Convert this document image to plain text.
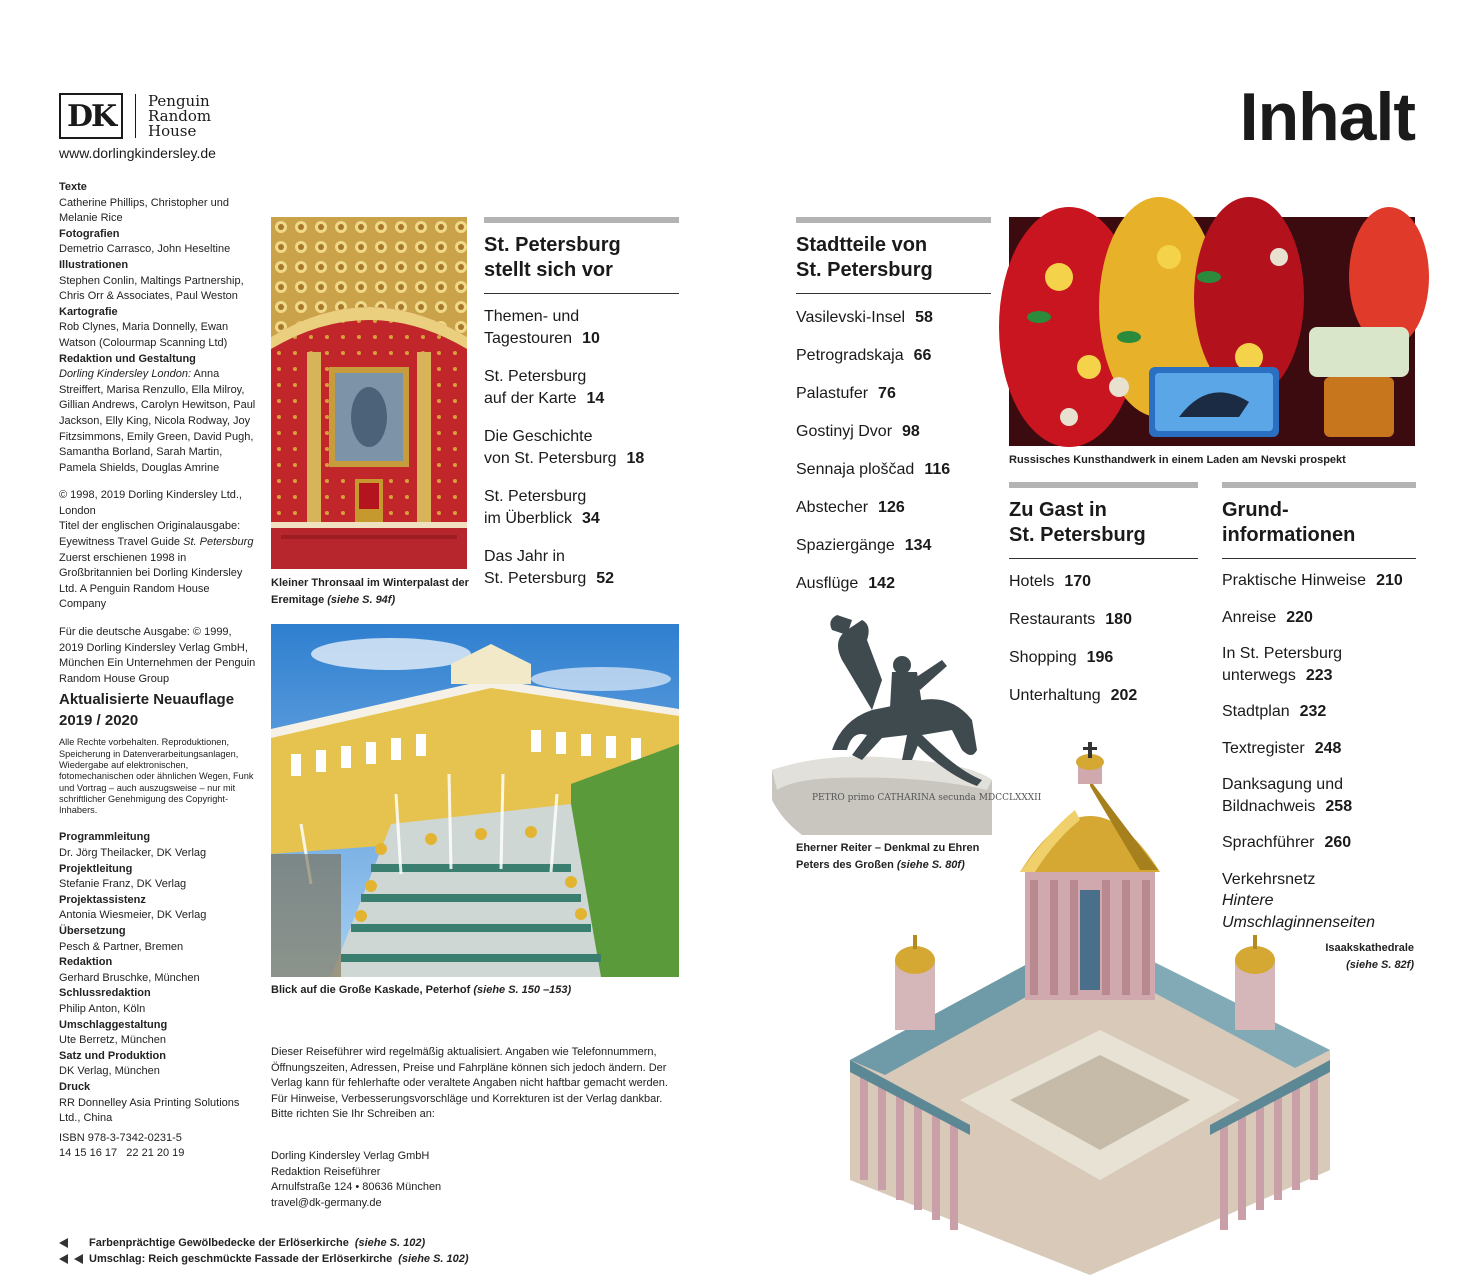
DK	Penguin
Random
House
www.dorlingkindersley.de
Texte
Catherine Phillips, Christopher und Melanie Rice
Fotografien
Demetrio Carrasco, John Heseltine
Illustrationen
Stephen Conlin, Maltings Partnership, Chris Orr & Associates, Paul Weston
Kartografie
Rob Clynes, Maria Donnelly, Ewan Watson (Colourmap Scanning Ltd)
Redaktion und Gestaltung
Dorling Kindersley London: Anna Streiffert, Marisa Renzullo, Ella Milroy, Gillian Andrews, Carolyn Hewitson, Paul Jackson, Elly King, Nicola Rodway, Joy Fitzsimmons, Emily Green, David Pugh, Samantha Borland, Sarah Martin, Pamela Shields, Douglas Amrine
© 1998, 2019 Dorling Kindersley Ltd., London
Titel der englischen Originalausgabe: Eyewitness Travel Guide St. Petersburg Zuerst erschienen 1998 in Großbritannien bei Dorling Kindersley Ltd. A Penguin Random House Company
Für die deutsche Ausgabe: © 1999, 2019 Dorling Kindersley Verlag GmbH, München Ein Unternehmen der Penguin Random House Group
Aktualisierte Neuauflage 2019 / 2020
Alle Rechte vorbehalten. Reproduktionen, Speicherung in Datenverarbeitungsanlagen, Wiedergabe auf elektronischen, fotomechanischen oder ähnlichen Wegen, Funk und Vortrag – auch auszugsweise – nur mit schriftlicher Genehmigung des Copyright-Inhabers.
Programmleitung
Dr. Jörg Theilacker, DK Verlag
Projektleitung
Stefanie Franz, DK Verlag
Projektassistenz
Antonia Wiesmeier, DK Verlag
Übersetzung
Pesch & Partner, Bremen
Redaktion
Gerhard Bruschke, München
Schlussredaktion
Philip Anton, Köln
Umschlaggestaltung
Ute Berretz, München
Satz und Produktion
DK Verlag, München
Druck
RR Donnelley Asia Printing Solutions Ltd., China
ISBN 978-3-7342-0231-5
14 15 16 17   22 21 20 19
Farbenprächtige Gewölbedecke der Erlöserkirche (siehe S. 102)
Umschlag: Reich geschmückte Fassade der Erlöserkirche (siehe S. 102)
Inhalt
Kleiner Thronsaal im Winterpalast der Eremitage (siehe S. 94f)
Blick auf die Große Kaskade, Peterhof (siehe S. 150 –153)
St. Petersburg
stellt sich vor
Themen- und
Tagestouren 10
St. Petersburg
auf der Karte 14
Die Geschichte
von St. Petersburg 18
St. Petersburg
im Überblick 34
Das Jahr in
St. Petersburg 52
Dieser Reiseführer wird regelmäßig aktualisiert. Angaben wie Telefonnummern, Öffnungszeiten, Adressen, Preise und Fahrpläne können sich jedoch ändern. Der Verlag kann für fehlerhafte oder veraltete Angaben nicht haftbar gemacht werden. Für Hinweise, Verbesserungsvorschläge und Korrekturen ist der Verlag dankbar. Bitte richten Sie Ihr Schreiben an:
Dorling Kindersley Verlag GmbH
Redaktion Reiseführer
Arnulfstraße 124 • 80636 München
travel@dk-germany.de
Stadtteile von
St. Petersburg
Vasilevski-Insel 58
Petrogradskaja 66
Palastufer 76
Gostinyj Dvor 98
Sennaja ploščad 116
Abstecher 126
Spaziergänge 134
Ausflüge 142
Russisches Kunsthandwerk in einem Laden am Nevski prospekt
Zu Gast in
St. Petersburg
Hotels 170
Restaurants 180
Shopping 196
Unterhaltung 202
Grund-
informationen
Praktische Hinweise 210
Anreise 220
In St. Petersburg
unterwegs 223
Stadtplan 232
Textregister 248
Danksagung und
Bildnachweis 258
Sprachführer 260
Verkehrsnetz
Hintere Umschlaginnenseiten
PETRO primo CATHARINA secunda MDCCLXXXII
Eherner Reiter – Denkmal zu Ehren Peters des Großen (siehe S. 80f)
Isaakskathedrale
(siehe S. 82f)
